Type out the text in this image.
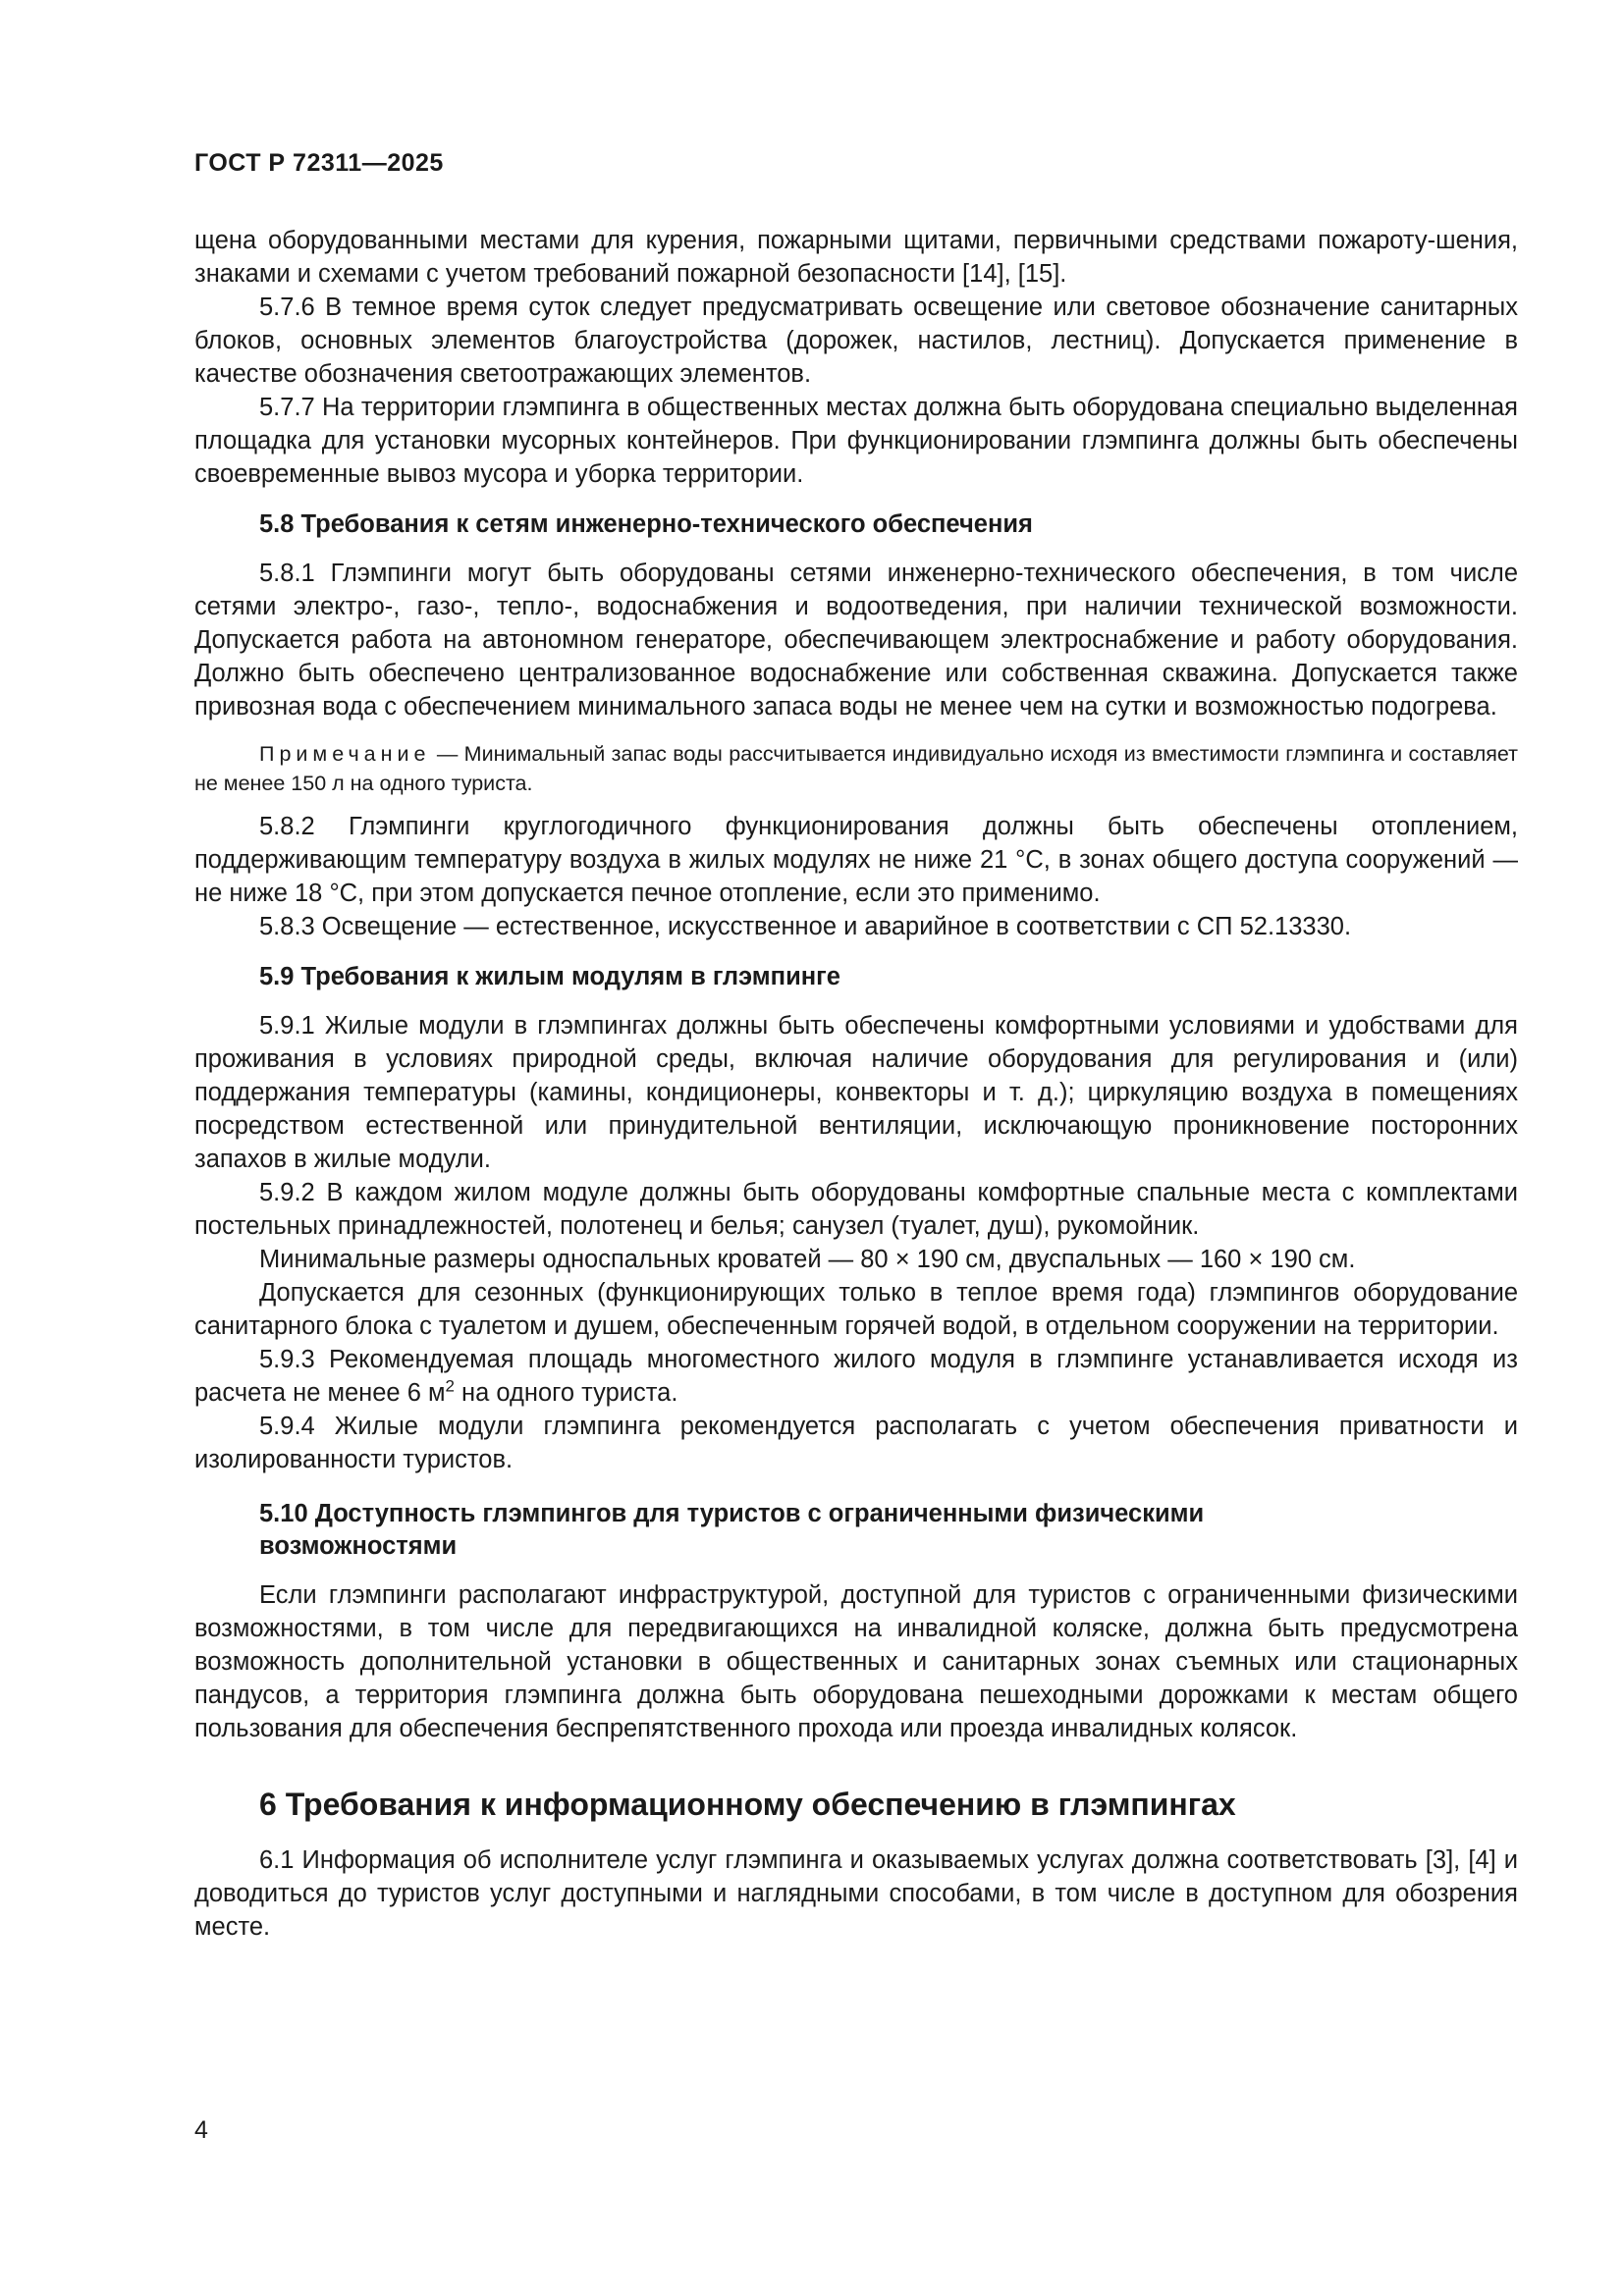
ГОСТ Р 72311—2025

щена оборудованными местами для курения, пожарными щитами, первичными средствами пожароту-шения, знаками и схемами с учетом требований пожарной безопасности [14], [15].

5.7.6 В темное время суток следует предусматривать освещение или световое обозначение санитарных блоков, основных элементов благоустройства (дорожек, настилов, лестниц). Допускается применение в качестве обозначения светоотражающих элементов.

5.7.7 На территории глэмпинга в общественных местах должна быть оборудована специально выделенная площадка для установки мусорных контейнеров. При функционировании глэмпинга должны быть обеспечены своевременные вывоз мусора и уборка территории.

5.8 Требования к сетям инженерно-технического обеспечения

5.8.1 Глэмпинги могут быть оборудованы сетями инженерно-технического обеспечения, в том числе сетями электро-, газо-, тепло-, водоснабжения и водоотведения, при наличии технической возможности. Допускается работа на автономном генераторе, обеспечивающем электроснабжение и работу оборудования. Должно быть обеспечено централизованное водоснабжение или собственная скважина. Допускается также привозная вода с обеспечением минимального запаса воды не менее чем на сутки и возможностью подогрева.

Примечание — Минимальный запас воды рассчитывается индивидуально исходя из вместимости глэмпинга и составляет не менее 150 л на одного туриста.

5.8.2 Глэмпинги круглогодичного функционирования должны быть обеспечены отоплением, поддерживающим температуру воздуха в жилых модулях не ниже 21 °С, в зонах общего доступа сооружений — не ниже 18 °С, при этом допускается печное отопление, если это применимо.

5.8.3 Освещение — естественное, искусственное и аварийное в соответствии с СП 52.13330.

5.9 Требования к жилым модулям в глэмпинге

5.9.1 Жилые модули в глэмпингах должны быть обеспечены комфортными условиями и удобствами для проживания в условиях природной среды, включая наличие оборудования для регулирования и (или) поддержания температуры (камины, кондиционеры, конвекторы и т. д.); циркуляцию воздуха в помещениях посредством естественной или принудительной вентиляции, исключающую проникновение посторонних запахов в жилые модули.

5.9.2 В каждом жилом модуле должны быть оборудованы комфортные спальные места с комплектами постельных принадлежностей, полотенец и белья; санузел (туалет, душ), рукомойник.

Минимальные размеры односпальных кроватей — 80 × 190 см, двуспальных — 160 × 190 см.

Допускается для сезонных (функционирующих только в теплое время года) глэмпингов оборудование санитарного блока с туалетом и душем, обеспеченным горячей водой, в отдельном сооружении на территории.

5.9.3 Рекомендуемая площадь многоместного жилого модуля в глэмпинге устанавливается исходя из расчета не менее 6 $м^2$ на одного туриста.

5.9.4 Жилые модули глэмпинга рекомендуется располагать с учетом обеспечения приватности и изолированности туристов.

5.10 Доступность глэмпингов для туристов с ограниченными физическими
возможностями

Если глэмпинги располагают инфраструктурой, доступной для туристов с ограниченными физическими возможностями, в том числе для передвигающихся на инвалидной коляске, должна быть предусмотрена возможность дополнительной установки в общественных и санитарных зонах съемных или стационарных пандусов, а территория глэмпинга должна быть оборудована пешеходными дорожками к местам общего пользования для обеспечения беспрепятственного прохода или проезда инвалидных колясок.

6 Требования к информационному обеспечению в глэмпингах

6.1 Информация об исполнителе услуг глэмпинга и оказываемых услугах должна соответствовать [3], [4] и доводиться до туристов услуг доступными и наглядными способами, в том числе в доступном для обозрения месте.

4
